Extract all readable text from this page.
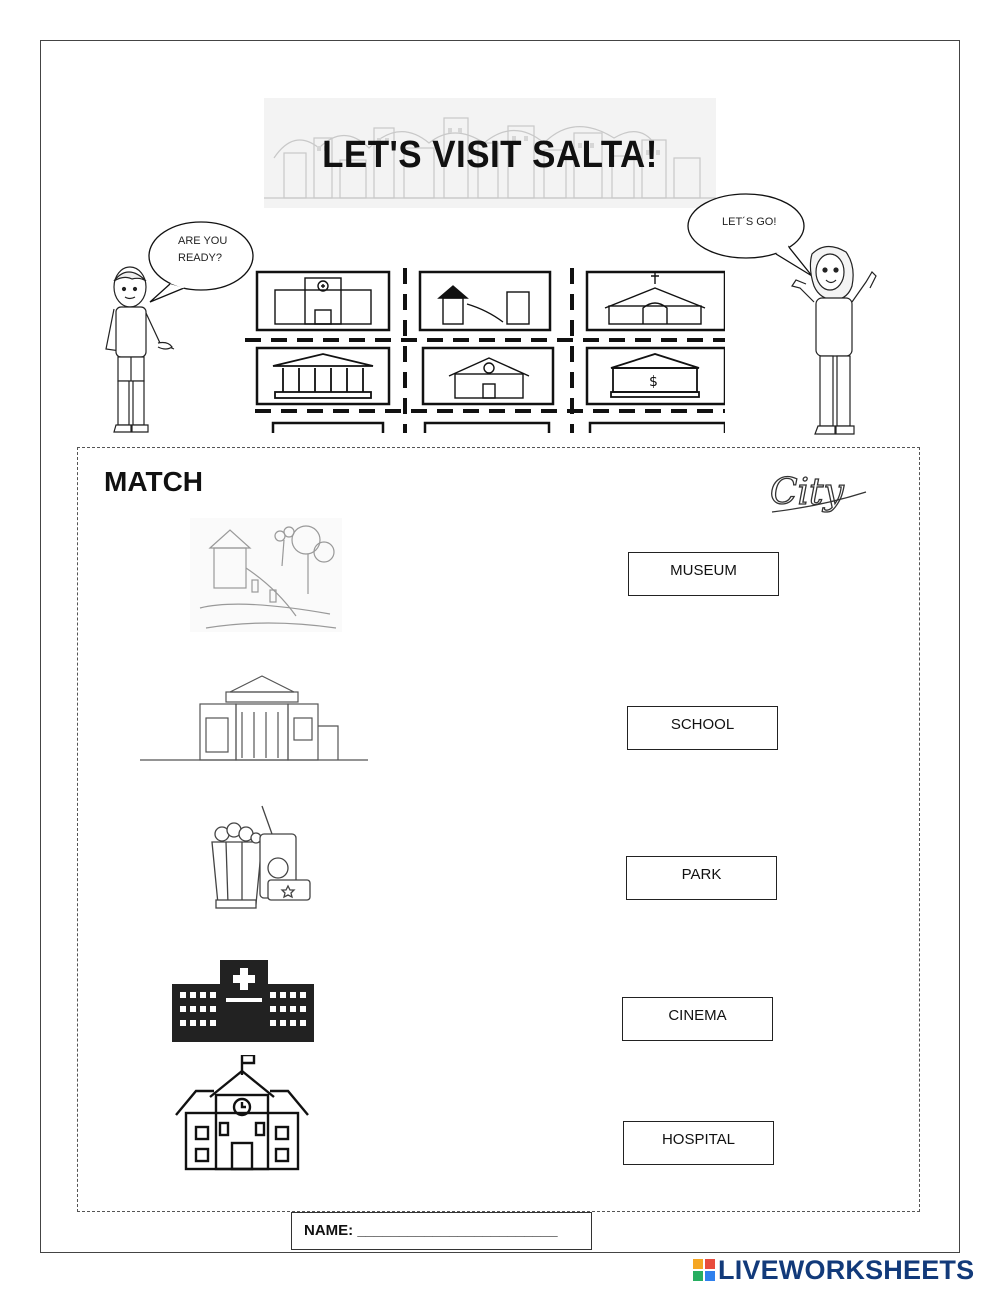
LET'S VISIT SALTA!
ARE YOU
READY?
LET´S GO!
$
MATCH	City
MUSEUM
SCHOOL
PARK
CINEMA
HOSPITAL
NAME: ________________________
LIVEWORKSHEETS
